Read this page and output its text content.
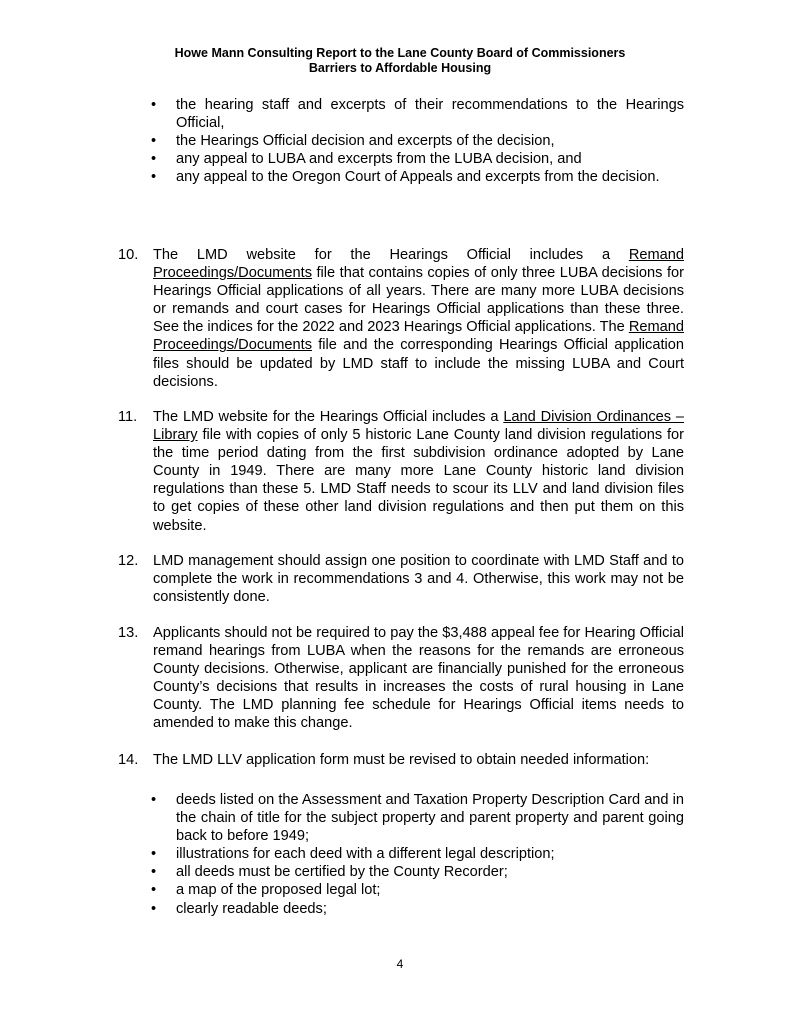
Howe Mann Consulting Report to the Lane County Board of Commissioners
Barriers to Affordable Housing
• the hearing staff and excerpts of their recommendations to the Hearings Official,
• the Hearings Official decision and excerpts of the decision,
• any appeal to LUBA and excerpts from the LUBA decision, and
• any appeal to the Oregon Court of Appeals and excerpts from the decision.
10. The LMD website for the Hearings Official includes a Remand Proceedings/Documents file that contains copies of only three LUBA decisions for Hearings Official applications of all years. There are many more LUBA decisions or remands and court cases for Hearings Official applications than these three. See the indices for the 2022 and 2023 Hearings Official applications. The Remand Proceedings/Documents file and the corresponding Hearings Official application files should be updated by LMD staff to include the missing LUBA and Court decisions.
11. The LMD website for the Hearings Official includes a Land Division Ordinances – Library file with copies of only 5 historic Lane County land division regulations for the time period dating from the first subdivision ordinance adopted by Lane County in 1949. There are many more Lane County historic land division regulations than these 5. LMD Staff needs to scour its LLV and land division files to get copies of these other land division regulations and then put them on this website.
12. LMD management should assign one position to coordinate with LMD Staff and to complete the work in recommendations 3 and 4. Otherwise, this work may not be consistently done.
13. Applicants should not be required to pay the $3,488 appeal fee for Hearing Official remand hearings from LUBA when the reasons for the remands are erroneous County decisions. Otherwise, applicant are financially punished for the erroneous County’s decisions that results in increases the costs of rural housing in Lane County. The LMD planning fee schedule for Hearings Official items needs to amended to make this change.
14. The LMD LLV application form must be revised to obtain needed information:
• deeds listed on the Assessment and Taxation Property Description Card and in the chain of title for the subject property and parent property and parent going back to before 1949;
• illustrations for each deed with a different legal description;
• all deeds must be certified by the County Recorder;
• a map of the proposed legal lot;
• clearly readable deeds;
4
